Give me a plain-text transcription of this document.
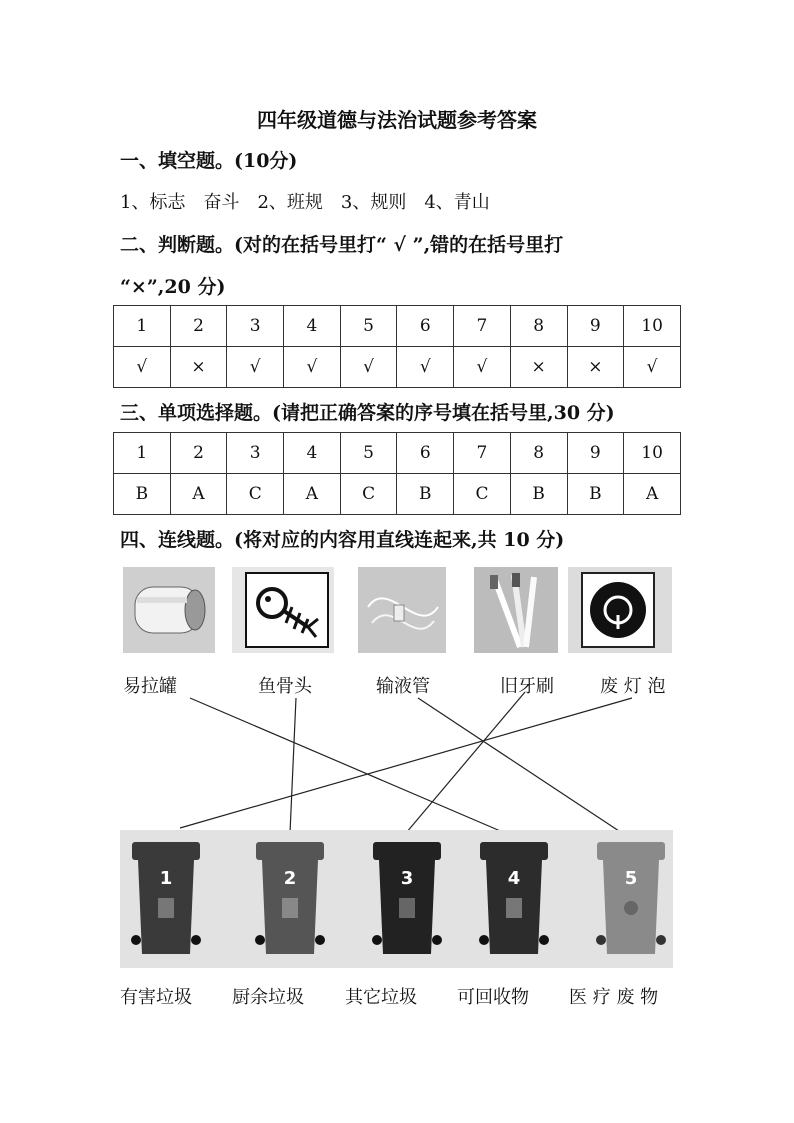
四年级道德与法治试题参考答案
一、填空题。(10分)
1、标志　奋斗　2、班规　3、规则　4、青山
二、判断题。(对的在括号里打“ √ ”,错的在括号里打
“×”,20 分)
1	2	3	4	5	6	7	8	9	10
√	×	√	√	√	√	√	×	×	√
三、单项选择题。(请把正确答案的序号填在括号里,30 分)
1	2	3	4	5	6	7	8	9	10
B	A	C	A	C	B	C	B	B	A
四、连线题。(将对应的内容用直线连起来,共 10 分)
易拉罐	鱼骨头	输液管	旧牙刷	废 灯 泡
1	2	3	4	5
有害垃圾 厨余垃圾 其它垃圾 可回收物 医 疗 废 物
